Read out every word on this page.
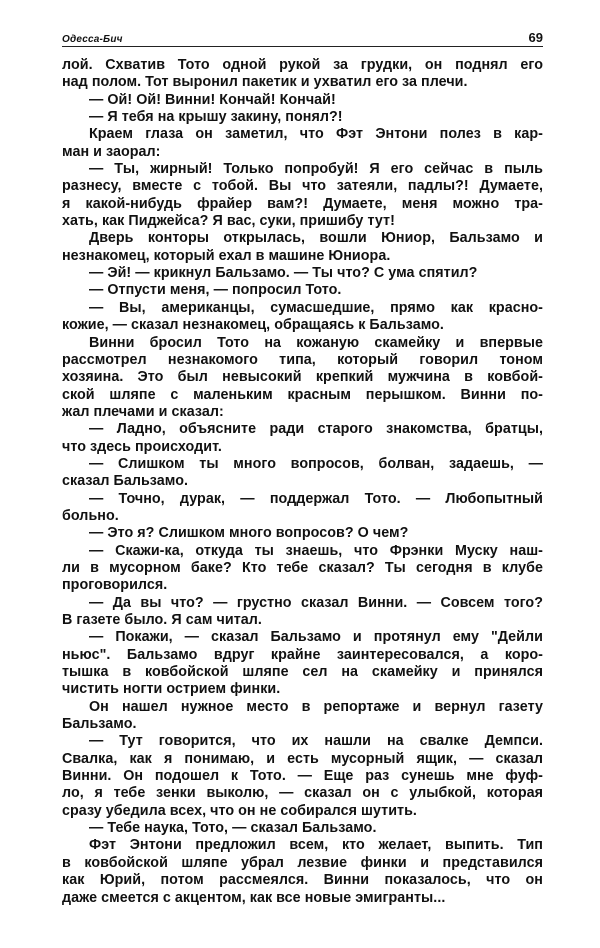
Одесса-Бич	69
лой. Схватив Тото одной рукой за грудки, он поднял его
над полом. Тот выронил пакетик и ухватил его за плечи.
— Ой! Ой! Винни! Кончай! Кончай!
— Я тебя на крышу закину, понял?!
Краем глаза он заметил, что Фэт Энтони полез в кар-
ман и заорал:
— Ты, жирный! Только попробуй! Я его сейчас в пыль
разнесу, вместе с тобой. Вы что затеяли, падлы?! Думаете,
я какой-нибудь фрайер вам?! Думаете, меня можно тра-
хать, как Пиджейса? Я вас, суки, пришибу тут!
Дверь конторы открылась, вошли Юниор, Бальзамо и
незнакомец, который ехал в машине Юниора.
— Эй! — крикнул Бальзамо. — Ты что? С ума спятил?
— Отпусти меня, — попросил Тото.
— Вы, американцы, сумасшедшие, прямо как красно-
кожие, — сказал незнакомец, обращаясь к Бальзамо.
Винни бросил Тото на кожаную скамейку и впервые
рассмотрел незнакомого типа, который говорил тоном
хозяина. Это был невысокий крепкий мужчина в ковбой-
ской шляпе с маленьким красным перышком. Винни по-
жал плечами и сказал:
— Ладно, объясните ради старого знакомства, братцы,
что здесь происходит.
— Слишком ты много вопросов, болван, задаешь, —
сказал Бальзамо.
— Точно, дурак, — поддержал Тото. — Любопытный
больно.
— Это я? Слишком много вопросов? О чем?
— Скажи-ка, откуда ты знаешь, что Фрэнки Муску наш-
ли в мусорном баке? Кто тебе сказал? Ты сегодня в клубе
проговорился.
— Да вы что? — грустно сказал Винни. — Совсем того?
В газете было. Я сам читал.
— Покажи, — сказал Бальзамо и протянул ему "Дейли
ньюс". Бальзамо вдруг крайне заинтересовался, а коро-
тышка в ковбойской шляпе сел на скамейку и принялся
чистить ногти острием финки.
Он нашел нужное место в репортаже и вернул газету
Бальзамо.
— Тут говорится, что их нашли на свалке Демпси.
Свалка, как я понимаю, и есть мусорный ящик, — сказал
Винни. Он подошел к Тото. — Еще раз сунешь мне фуф-
ло, я тебе зенки выколю, — сказал он с улыбкой, которая
сразу убедила всех, что он не собирался шутить.
— Тебе наука, Тото, — сказал Бальзамо.
Фэт Энтони предложил всем, кто желает, выпить. Тип
в ковбойской шляпе убрал лезвие финки и представился
как Юрий, потом рассмеялся. Винни показалось, что он
даже смеется с акцентом, как все новые эмигранты...
